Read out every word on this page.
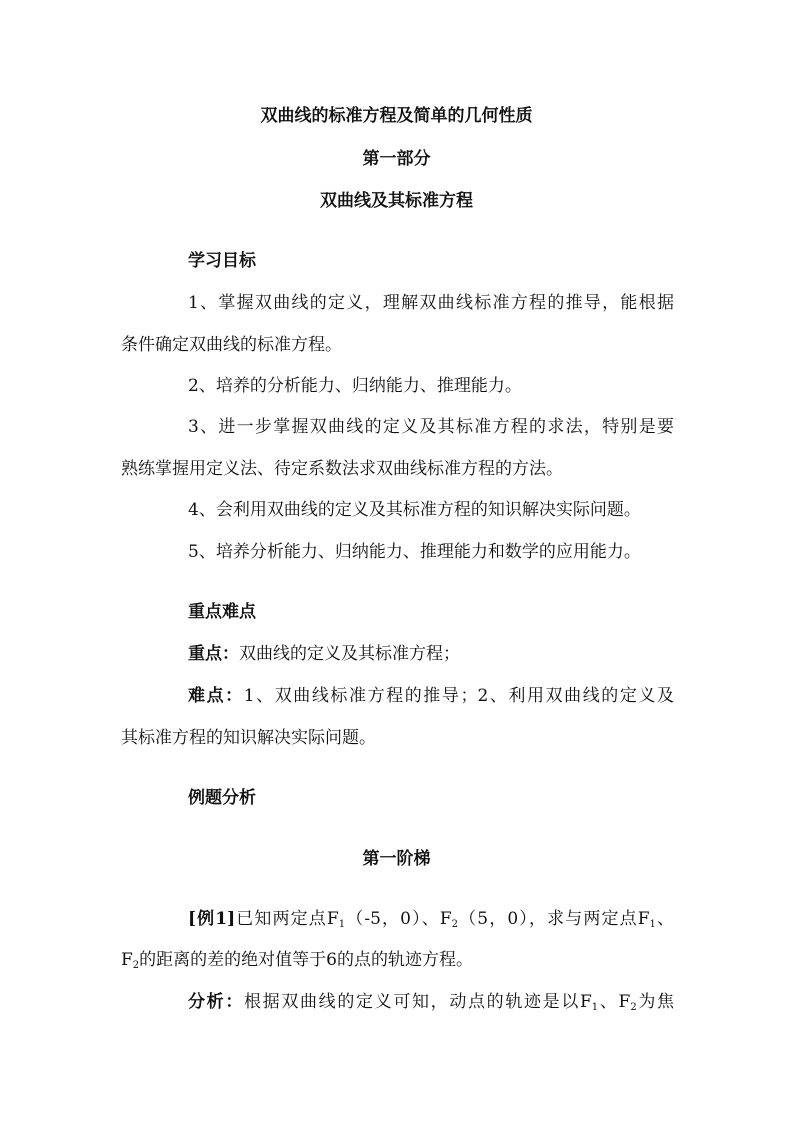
双曲线的标准方程及简单的几何性质
第一部分
双曲线及其标准方程
学习目标
1、掌握双曲线的定义，理解双曲线标准方程的推导，能根据
条件确定双曲线的标准方程。
2、培养的分析能力、归纳能力、推理能力。
3、进一步掌握双曲线的定义及其标准方程的求法，特别是要
熟练掌握用定义法、待定系数法求双曲线标准方程的方法。
4、会利用双曲线的定义及其标准方程的知识解决实际问题。
5、培养分析能力、归纳能力、推理能力和数学的应用能力。
重点难点
重点：双曲线的定义及其标准方程；
难点：1、双曲线标准方程的推导；2、利用双曲线的定义及
其标准方程的知识解决实际问题。
例题分析
第一阶梯
[例1]已知两定点$F_1(-5$，0）、$F_2(5$，0），求与两定点$F_1$、
$F_2$的距离的差的绝对值等于6的点的轨迹方程。
分析：根据双曲线的定义可知，动点的轨迹是以$F_1$、$F_2$为焦
